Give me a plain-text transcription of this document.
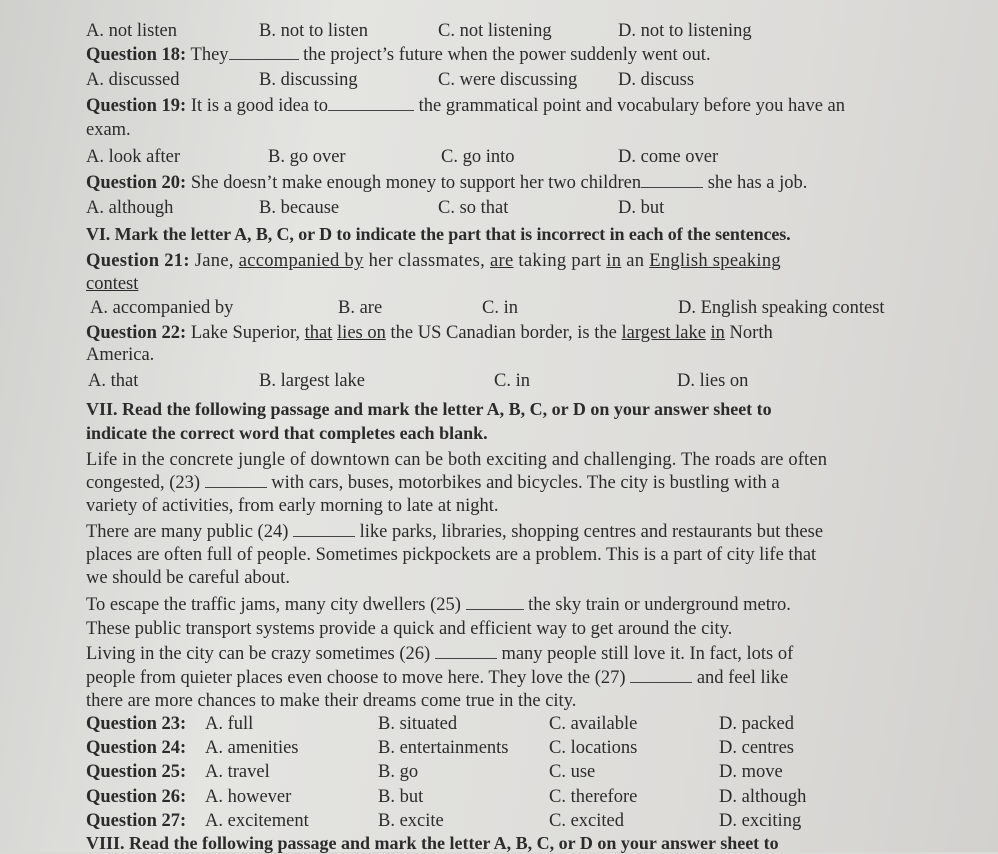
A. not listen	B. not to listen	C. not listening	D. not to listening
Question 18: They	the project’s future when the power suddenly went out.
A. discussed	B. discussing	C. were discussing D. discuss
Question 19: It is a good idea to	the grammatical point and vocabulary before you have an
exam.
A. look after	B. go over	C. go into	D. come over
Question 20: She doesn’t make enough money to support her two children	she has a job.
A. although	B. because	C. so that	D. but
VI. Mark the letter A, B, C, or D to indicate the part that is incorrect in each of the sentences.
Question 21: Jane, accompanied by her classmates, are taking part in an English speaking
contest
A. accompanied by	B. are	C. in	D. English speaking contest
Question 22: Lake Superior, that lies on the US Canadian border, is the largest lake in North
America.
A. that	B. largest lake	C. in	D. lies on
VII. Read the following passage and mark the letter A, B, C, or D on your answer sheet to
indicate the correct word that completes each blank.
Life in the concrete jungle of downtown can be both exciting and challenging. The roads are often
congested, (23)	with cars, buses, motorbikes and bicycles. The city is bustling with a
variety of activities, from early morning to late at night.
There are many public (24)	like parks, libraries, shopping centres and restaurants but these
places are often full of people. Sometimes pickpockets are a problem. This is a part of city life that
we should be careful about.
To escape the traffic jams, many city dwellers (25)	the sky train or underground metro.
These public transport systems provide a quick and efficient way to get around the city.
Living in the city can be crazy sometimes (26)	many people still love it. In fact, lots of
people from quieter places even choose to move here. They love the (27)	and feel like
there are more chances to make their dreams come true in the city.
Question 23: A. full	B. situated	C. available	D. packed
Question 24: A. amenities	B. entertainments C. locations	D. centres
Question 25: A. travel	B. go	C. use	D. move
Question 26: A. however	B. but	C. therefore	D. although
Question 27: A. excitement	B. excite	C. excited	D. exciting
VIII. Read the following passage and mark the letter A, B, C, or D on your answer sheet to
